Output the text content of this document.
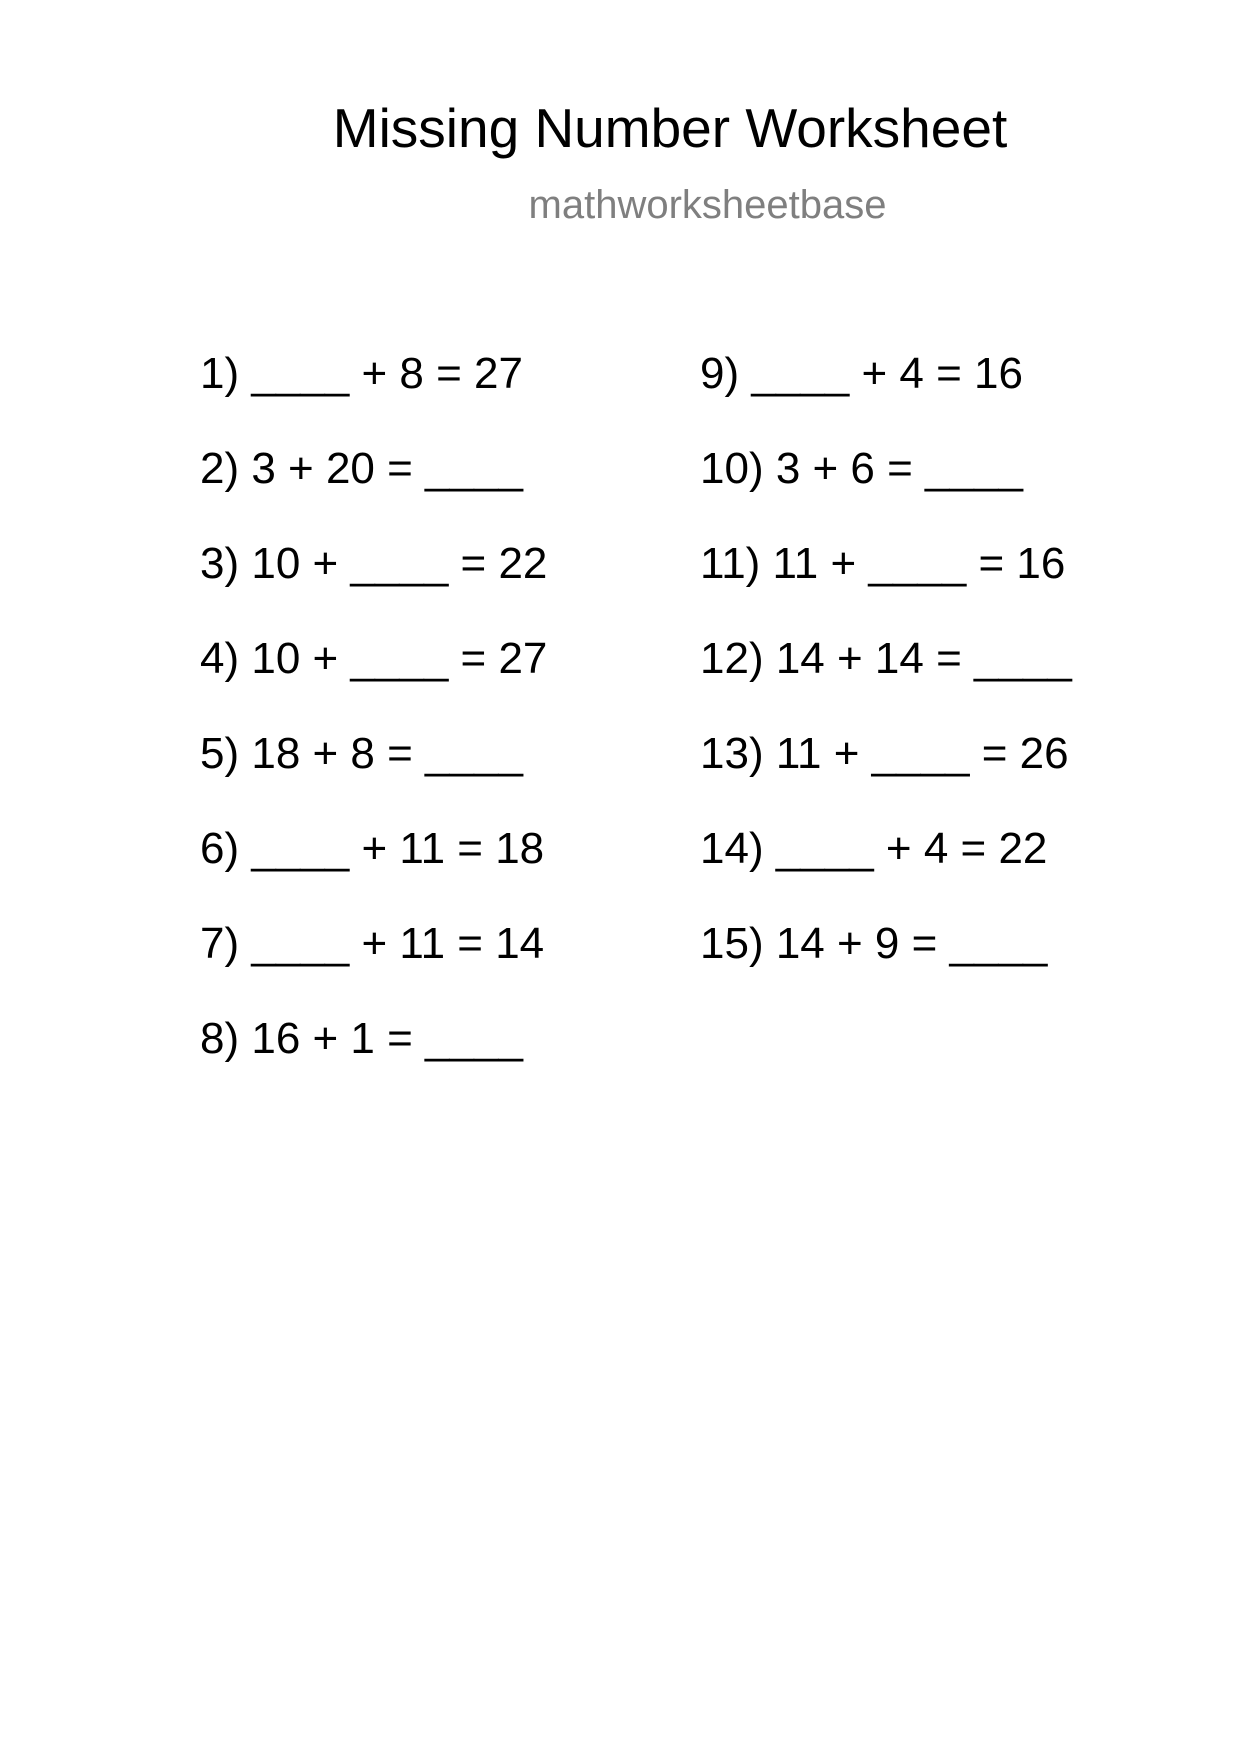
Missing Number Worksheet
mathworksheetbase
1) ____ + 8 = 27
2) 3 + 20 = ____
3) 10 + ____ = 22
4) 10 + ____ = 27
5) 18 + 8 = ____
6) ____ + 11 = 18
7) ____ + 11 = 14
8) 16 + 1 = ____
9) ____ + 4 = 16
10) 3 + 6 = ____
11) 11 + ____ = 16
12) 14 + 14 = ____
13) 11 + ____ = 26
14) ____ + 4 = 22
15) 14 + 9 = ____
